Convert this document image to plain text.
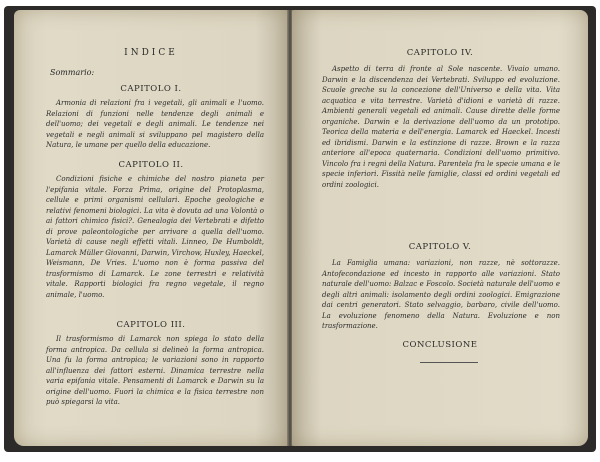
INDICE
Sommario:
CAPITOLO I.
Armonia di relazioni fra i vegetali, gli animali e l'uomo. Relazioni di funzioni nelle tendenze degli animali e dell'uomo; dei vegetali e degli animali. Le tendenze nei vegetali e negli animali si sviluppano pel magistero della Natura, le umane per quello della educazione.
CAPITOLO II.
Condizioni fisiche e chimiche del nostro pianeta per l'epifania vitale. Forza Prima, origine del Protoplasma, cellule e primi organismi cellulari. Epoche geologiche e relativi fenomeni biologici. La vita è dovuta ad una Volontà o ai fattori chimico fisici?. Genealogia dei Vertebrati e difetto di prove paleontologiche per arrivare a quella dell'uomo. Varietà di cause negli effetti vitali. Linneo, De Humboldt, Lamarck Müller Giovanni, Darwin, Virchow, Huxley, Haeckel, Weismann, De Vries. L'uomo non è forma passiva del trasformismo di Lamarck. Le zone terrestri e relatività vitale. Rapporti biologici fra regno vegetale, il regno animale, l'uomo.
CAPITOLO III.
Il trasformismo di Lamarck non spiega lo stato della forma antropica. Da cellula si delineò la forma antropica. Una fu la forma antropica; le variazioni sono in rapporto all'influenza dei fattori esterni. Dinamica terrestre nella varia epifania vitale. Pensamenti di Lamarck e Darwin su la origine dell'uomo. Fuori la chimica e la fisica terrestre non può spiegarsi la vita.
CAPITOLO IV.
Aspetto di terra di fronte al Sole nascente. Vivaio umano. Darwin e la discendenza dei Vertebrati. Sviluppo ed evoluzione. Scuole greche su la concezione dell'Universo e della vita. Vita acquatica e vita terrestre. Varietà d'idioni e varietà di razze. Ambienti generali vegetali ed animali. Cause dirette delle forme organiche. Darwin e la derivazione dell'uomo da un prototipo. Teorica della materia e dell'energia. Lamarck ed Haeckel. Incesti ed ibridismi. Darwin e la estinzione di razze. Brown e la razza anteriore all'epoca quaternaria. Condizioni dell'uomo primitivo. Vincolo fra i regni della Natura. Parentela fra le specie umana e le specie inferiori. Fissità nelle famiglie, classi ed ordini vegetali ed ordini zoologici.
CAPITOLO V.
La Famiglia umana: variazioni, non razze, nè sottorazze. Antofecondazione ed incesto in rapporto alle variazioni. Stato naturale dell'uomo: Balzac e Foscolo. Società naturale dell'uomo e degli altri animali: isolamento degli ordini zoologici. Emigrazione dai centri generatori. Stato selvaggio, barbaro, civile dell'uomo. La evoluzione fenomeno della Natura. Evoluzione e non trasformazione.
CONCLUSIONE
